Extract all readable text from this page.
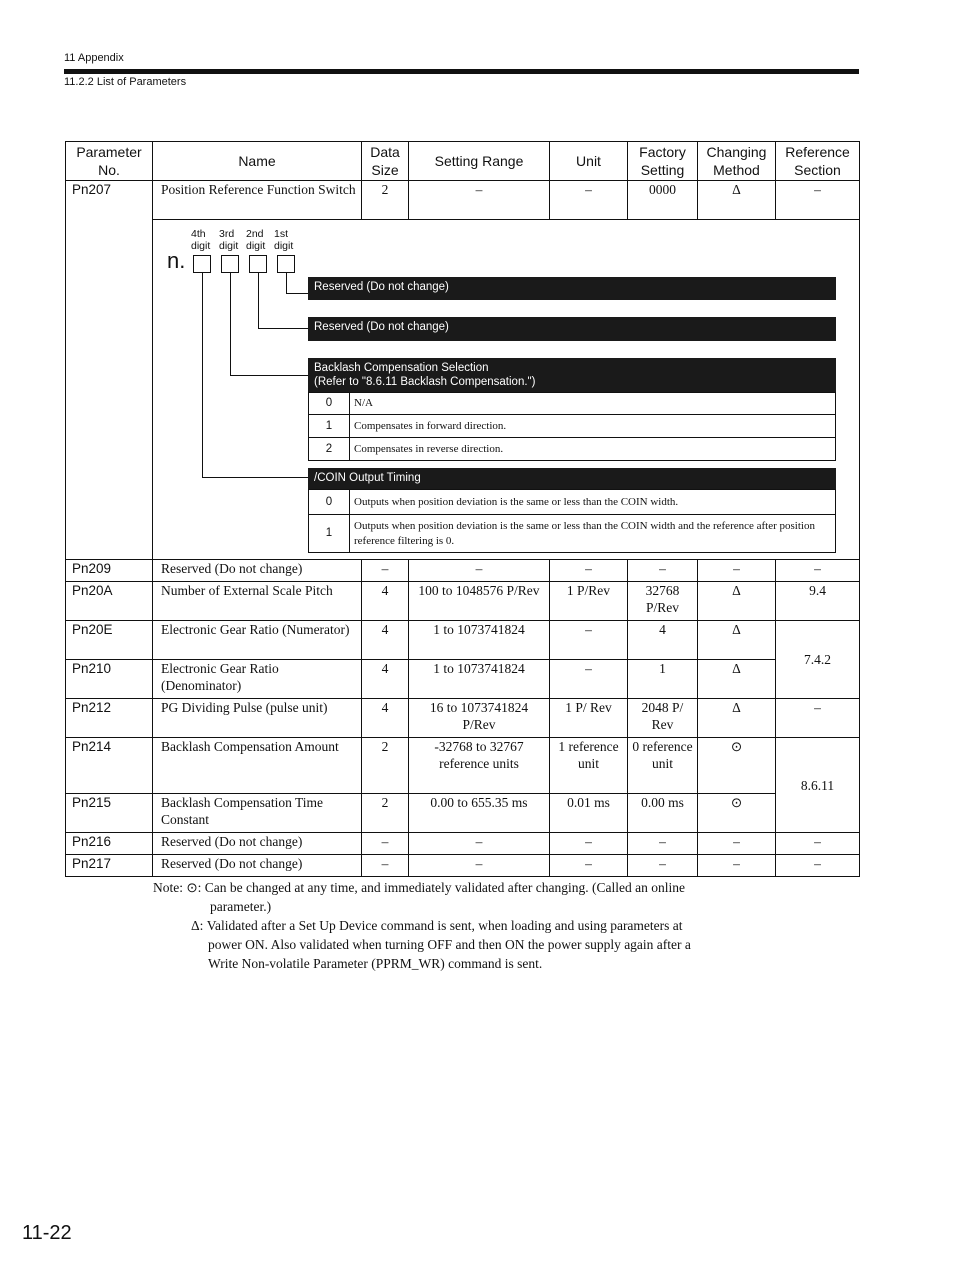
11 Appendix
11.2.2 List of Parameters
Parameter No.	Name	Data Size	Setting Range	Unit	Factory Setting	Changing Method	Reference Section
Pn207	Position Reference Function Switch	2	–	–	0000	Δ	–

4th digit
3rd digit
2nd digit
1st digit
n.
Reserved (Do not change)
Reserved (Do not change)
Backlash Compensation Selection
(Refer to "8.6.11 Backlash Compensation.")
0	N/A
1	Compensates in forward direction.
2	Compensates in reverse direction.
/COIN Output Timing
0	Outputs when position deviation is the same or less than the COIN width.
1	Outputs when position deviation is the same or less than the COIN width and the reference after position reference filtering is 0.

Pn209	Reserved (Do not change)	–	–	–	–	–	–
Pn20A	Number of External Scale Pitch	4	100 to 1048576 P/Rev	1 P/Rev	32768 P/Rev	Δ	9.4
Pn20E	Electronic Gear Ratio (Numerator)	4	1 to 1073741824	–	4	Δ	7.4.2
Pn210	Electronic Gear Ratio (Denominator)	4	1 to 1073741824	–	1	Δ
Pn212	PG Dividing Pulse (pulse unit)	4	16 to 1073741824 P/Rev	1 P/ Rev	2048 P/ Rev	Δ	–
Pn214	Backlash Compensation Amount	2	-32768 to 32767 reference units	1 reference unit	0 reference unit	⊙	8.6.11
Pn215	Backlash Compensation Time Constant	2	0.00 to 655.35 ms	0.01 ms	0.00 ms	⊙
Pn216	Reserved (Do not change)	–	–	–	–	–	–
Pn217	Reserved (Do not change)	–	–	–	–	–	–
Note: ⊙: Can be changed at any time, and immediately validated after changing. (Called an online
parameter.)
Δ: Validated after a Set Up Device command is sent, when loading and using parameters at
power ON. Also validated when turning OFF and then ON the power supply again after a
Write Non-volatile Parameter (PPRM_WR) command is sent.
11-22
